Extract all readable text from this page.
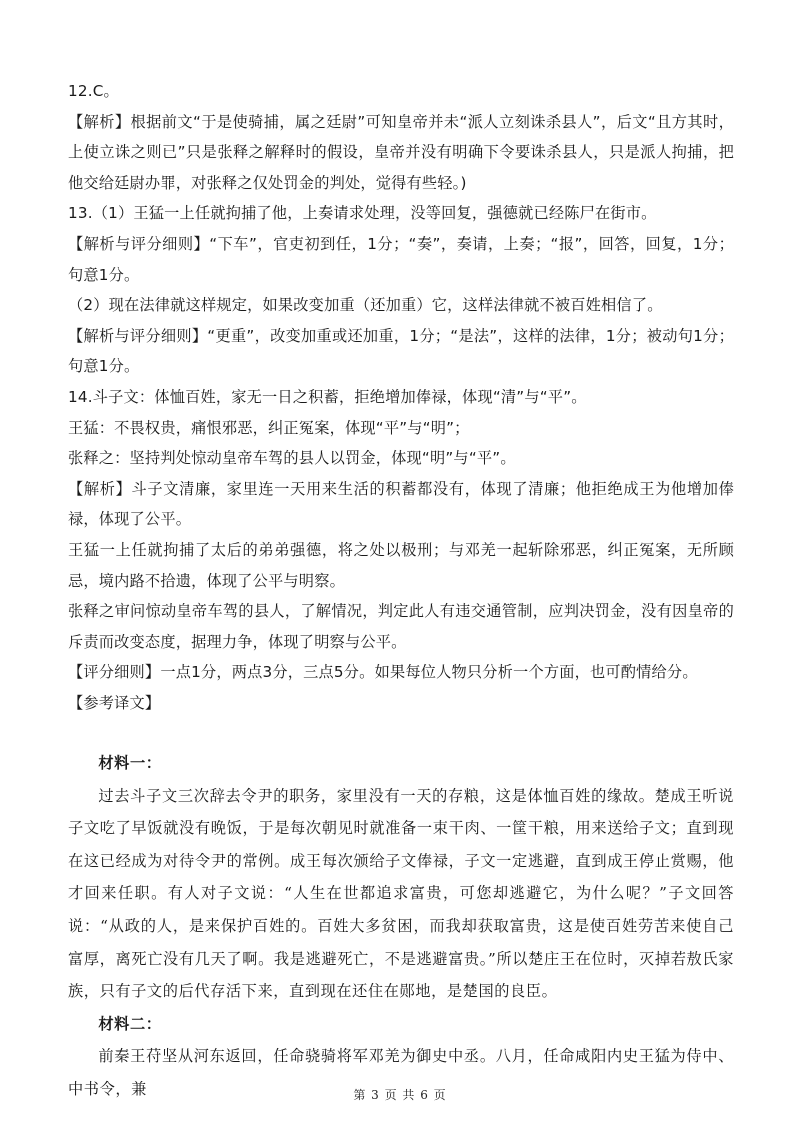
12.C。

【解析】根据前文“于是使骑捕，属之廷尉”可知皇帝并未“派人立刻诛杀县人”，后文“且方其时，上使立诛之则已”只是张释之解释时的假设，皇帝并没有明确下令要诛杀县人，只是派人拘捕，把他交给廷尉办罪，对张释之仅处罚金的判处，觉得有些轻。)

13.（1）王猛一上任就拘捕了他，上奏请求处理，没等回复，强德就已经陈尸在街市。

【解析与评分细则】“下车”，官吏初到任，1分；“奏”，奏请，上奏；“报”，回答，回复，1分；句意1分。

（2）现在法律就这样规定，如果改变加重（还加重）它，这样法律就不被百姓相信了。

【解析与评分细则】“更重”，改变加重或还加重，1分；“是法”，这样的法律，1分；被动句1分；句意1分。

14.斗子文：体恤百姓，家无一日之积蓄，拒绝增加俸禄，体现“清”与“平”。

王猛：不畏权贵，痛恨邪恶，纠正冤案，体现“平”与“明”；

张释之：坚持判处惊动皇帝车驾的县人以罚金，体现“明”与“平”。

【解析】斗子文清廉，家里连一天用来生活的积蓄都没有，体现了清廉；他拒绝成王为他增加俸禄，体现了公平。

王猛一上任就拘捕了太后的弟弟强德，将之处以极刑；与邓羌一起斩除邪恶，纠正冤案，无所顾忌，境内路不拾遗，体现了公平与明察。

张释之审问惊动皇帝车驾的县人，了解情况，判定此人有违交通管制，应判决罚金，没有因皇帝的斥责而改变态度，据理力争，体现了明察与公平。

【评分细则】一点1分，两点3分，三点5分。如果每位人物只分析一个方面，也可酌情给分。

【参考译文】

材料一：

过去斗子文三次辞去令尹的职务，家里没有一天的存粮，这是体恤百姓的缘故。楚成王听说子文吃了早饭就没有晚饭，于是每次朝见时就准备一束干肉、一筐干粮，用来送给子文；直到现在这已经成为对待令尹的常例。成王每次颁给子文俸禄，子文一定逃避，直到成王停止赏赐，他才回来任职。有人对子文说：“人生在世都追求富贵，可您却逃避它，为什么呢？”子文回答说：“从政的人，是来保护百姓的。百姓大多贫困，而我却获取富贵，这是使百姓劳苦来使自己富厚，离死亡没有几天了啊。我是逃避死亡，不是逃避富贵。”所以楚庄王在位时，灭掉若敖氏家族，只有子文的后代存活下来，直到现在还住在郧地，是楚国的良臣。

材料二：

前秦王苻坚从河东返回，任命骁骑将军邓羌为御史中丞。八月，任命咸阳内史王猛为侍中、中书令，兼	第 3 页 共 6 页
